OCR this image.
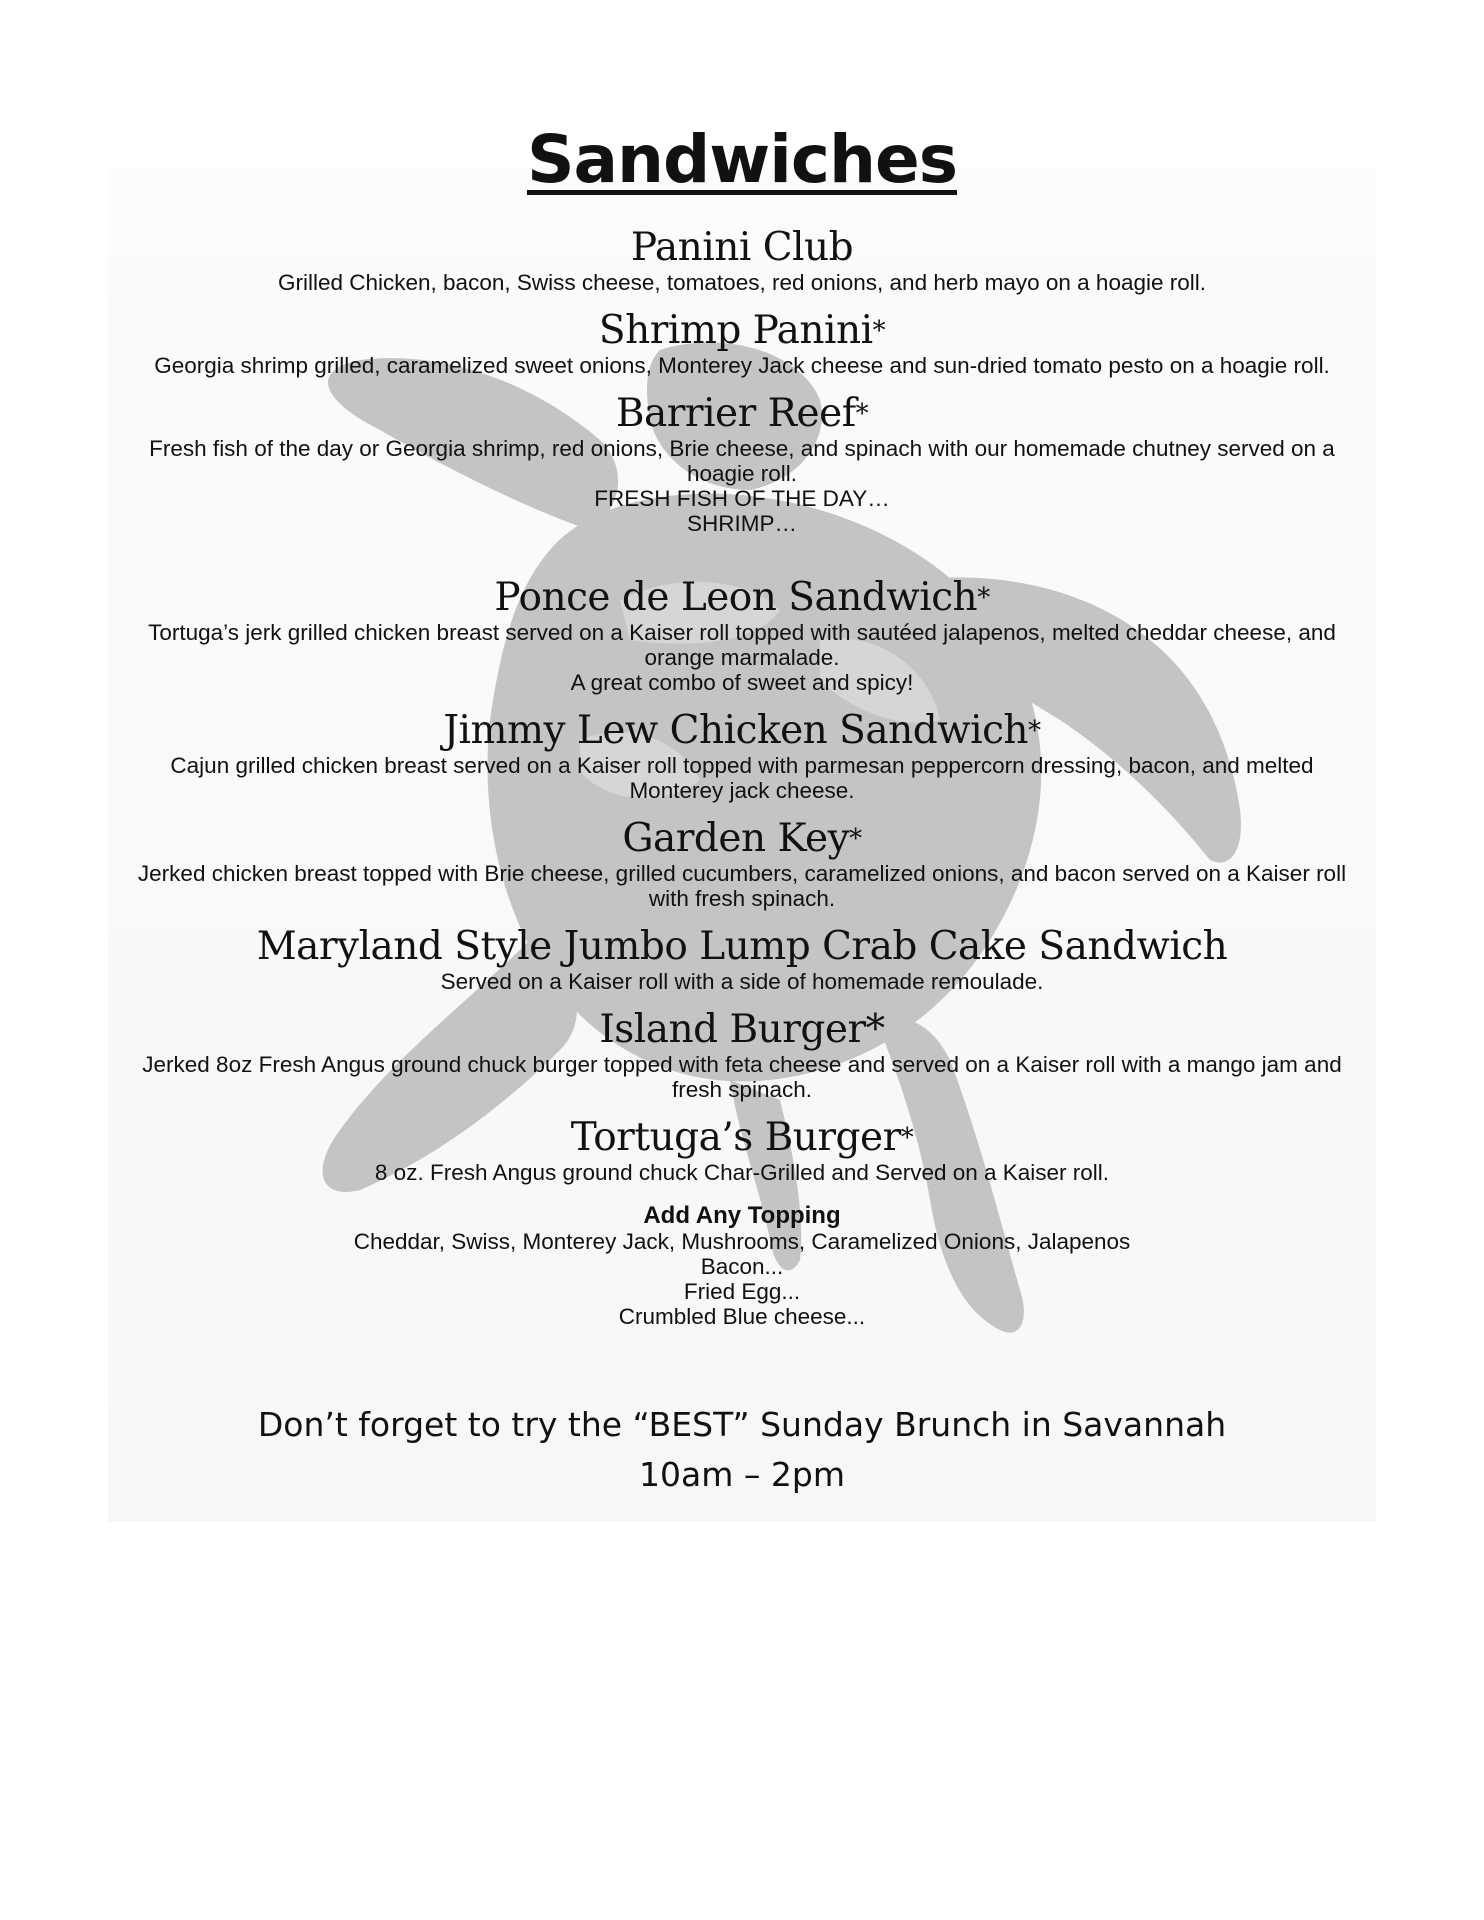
Sandwiches
Panini Club

Grilled Chicken, bacon, Swiss cheese, tomatoes, red onions, and herb mayo on a hoagie roll.

Shrimp Panini*

Georgia shrimp grilled, caramelized sweet onions, Monterey Jack cheese and sun-dried tomato pesto on a hoagie roll.

Barrier Reef*

Fresh fish of the day or Georgia shrimp, red onions, Brie cheese, and spinach with our homemade chutney served on a

hoagie roll.

FRESH FISH OF THE DAY…

SHRIMP…

Ponce de Leon Sandwich*

Tortuga’s jerk grilled chicken breast served on a Kaiser roll topped with sautéed jalapenos, melted cheddar cheese, and

orange marmalade.

A great combo of sweet and spicy!

Jimmy Lew Chicken Sandwich*

Cajun grilled chicken breast served on a Kaiser roll topped with parmesan peppercorn dressing, bacon, and melted

Monterey jack cheese.

Garden Key*

Jerked chicken breast topped with Brie cheese, grilled cucumbers, caramelized onions, and bacon served on a Kaiser roll

with fresh spinach.

Maryland Style Jumbo Lump Crab Cake Sandwich

Served on a Kaiser roll with a side of homemade remoulade.

Island Burger*

Jerked 8oz Fresh Angus ground chuck burger topped with feta cheese and served on a Kaiser roll with a mango jam and

fresh spinach.

Tortuga’s Burger*

8 oz. Fresh Angus ground chuck Char-Grilled and Served on a Kaiser roll.

Add Any Topping

Cheddar, Swiss, Monterey Jack, Mushrooms, Caramelized Onions, Jalapenos

Bacon...

Fried Egg...

Crumbled Blue cheese...

Don’t forget to try the “BEST” Sunday Brunch in Savannah
10am – 2pm
